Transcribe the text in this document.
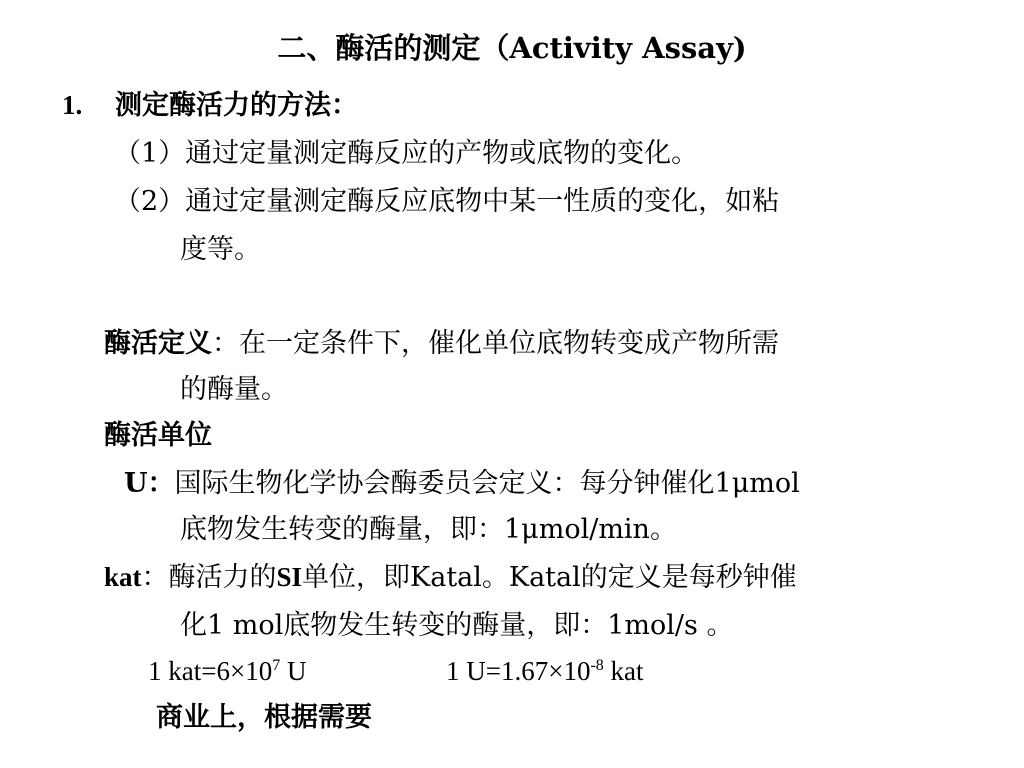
二、酶活的测定（Activity Assay)
1. 测定酶活力的方法：
（1）通过定量测定酶反应的产物或底物的变化。
（2）通过定量测定酶反应底物中某一性质的变化，如粘
度等。
酶活定义：在一定条件下，催化单位底物转变成产物所需
的酶量。
酶活单位
U：国际生物化学协会酶委员会定义：每分钟催化1μmol
底物发生转变的酶量，即：1μmol/min。
kat：酶活力的SI单位，即Katal。Katal的定义是每秒钟催
化1 mol底物发生转变的酶量，即：1mol/s 。
1 $kat=6\times 10^7$ U	1 $U=1.67\times 10^{-8}$ kat
商业上，根据需要
